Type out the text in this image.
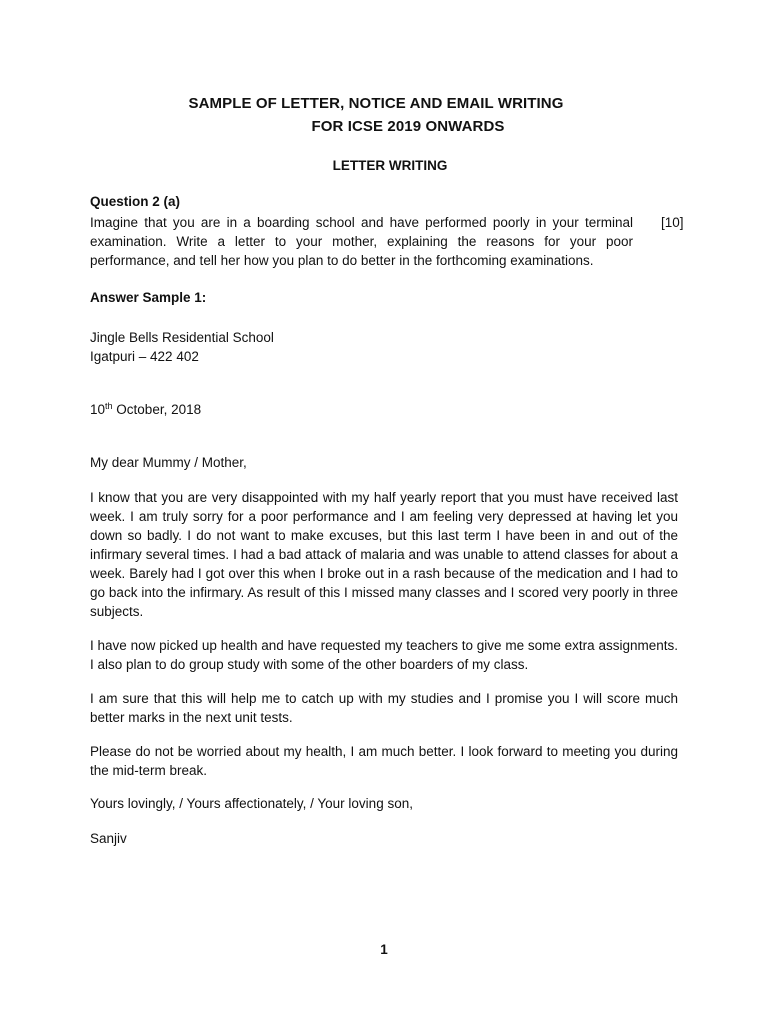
SAMPLE OF LETTER, NOTICE AND EMAIL WRITING
FOR ICSE 2019 ONWARDS
LETTER WRITING
Question 2 (a)
Imagine that you are in a boarding school and have performed poorly in your terminal examination. Write a letter to your mother, explaining the reasons for your poor performance, and tell her how you plan to do better in the forthcoming examinations.
[10]
Answer Sample 1:
Jingle Bells Residential School
Igatpuri – 422 402
10th October, 2018
My dear Mummy / Mother,

I know that you are very disappointed with my half yearly report that you must have received last week. I am truly sorry for a poor performance and I am feeling very depressed at having let you down so badly. I do not want to make excuses, but this last term I have been in and out of the infirmary several times. I had a bad attack of malaria and was unable to attend classes for about a week. Barely had I got over this when I broke out in a rash because of the medication and I had to go back into the infirmary. As result of this I missed many classes and I scored very poorly in three subjects.

I have now picked up health and have requested my teachers to give me some extra assignments. I also plan to do group study with some of the other boarders of my class.

I am sure that this will help me to catch up with my studies and I promise you I will score much better marks in the next unit tests.

Please do not be worried about my health, I am much better. I look forward to meeting you during the mid-term break.

Yours lovingly, / Yours affectionately, / Your loving son,
Sanjiv
1
